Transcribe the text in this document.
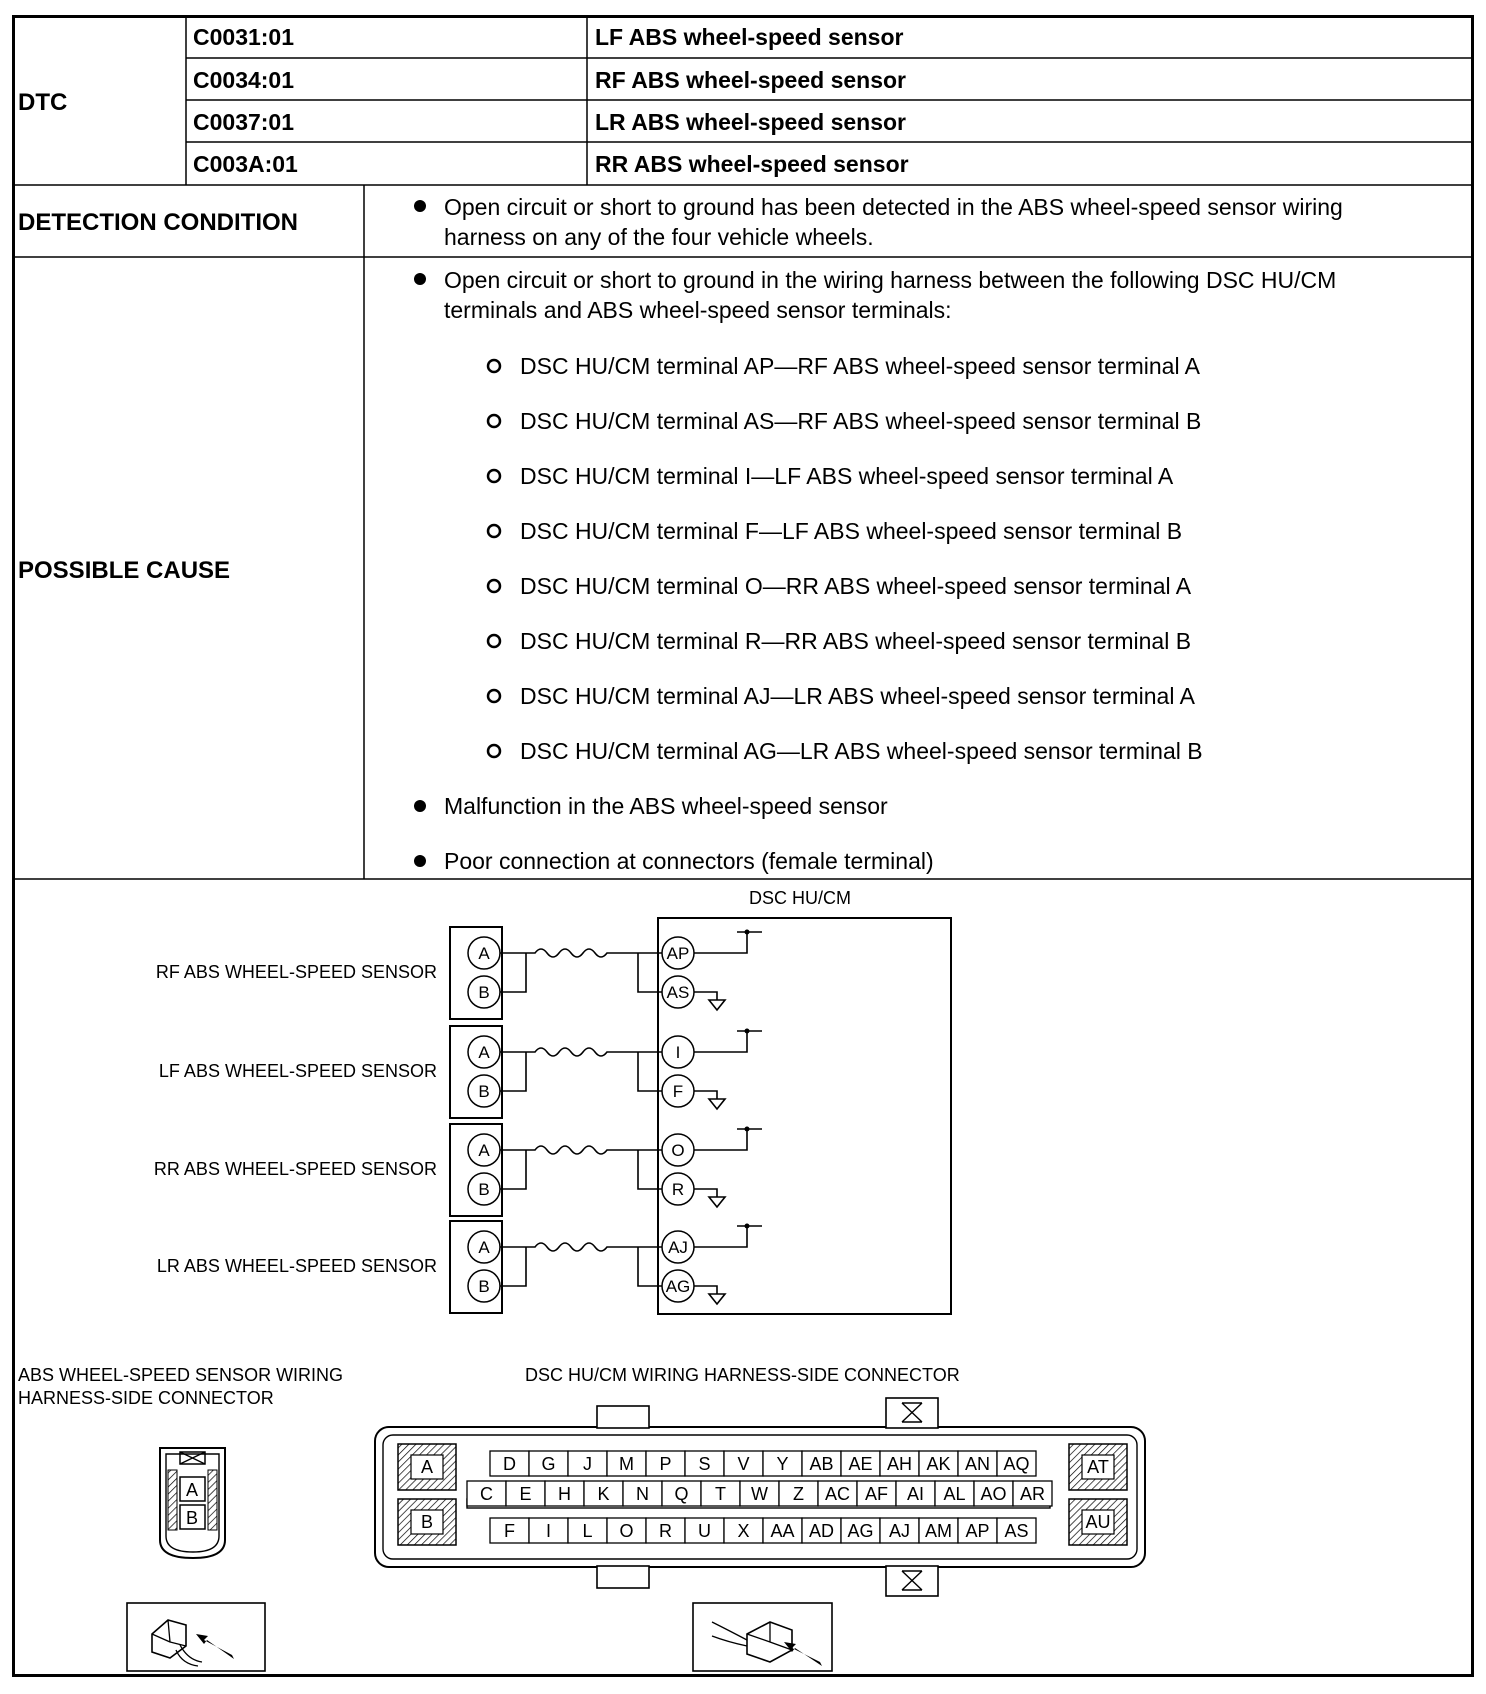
DTC
C0031:01	LF ABS wheel-speed sensor
C0034:01	RF ABS wheel-speed sensor
C0037:01	LR ABS wheel-speed sensor
C003A:01	RR ABS wheel-speed sensor
DETECTION CONDITION
Open circuit or short to ground has been detected in the ABS wheel-speed sensor wiring
harness on any of the four vehicle wheels.
POSSIBLE CAUSE
Open circuit or short to ground in the wiring harness between the following DSC HU/CM
terminals and ABS wheel-speed sensor terminals:
DSC HU/CM terminal AP—RF ABS wheel-speed sensor terminal A
DSC HU/CM terminal AS—RF ABS wheel-speed sensor terminal B
DSC HU/CM terminal I—LF ABS wheel-speed sensor terminal A
DSC HU/CM terminal F—LF ABS wheel-speed sensor terminal B
DSC HU/CM terminal O—RR ABS wheel-speed sensor terminal A
DSC HU/CM terminal R—RR ABS wheel-speed sensor terminal B
DSC HU/CM terminal AJ—LR ABS wheel-speed sensor terminal A
DSC HU/CM terminal AG—LR ABS wheel-speed sensor terminal B
Malfunction in the ABS wheel-speed sensor
Poor connection at connectors (female terminal)
DSC HU/CM
RF ABS WHEEL-SPEED SENSOR
A
B
AP
AS
LF ABS WHEEL-SPEED SENSOR
A
B
I
F
RR ABS WHEEL-SPEED SENSOR
A
B
O
R
LR ABS WHEEL-SPEED SENSOR
A
B
AJ
AG
ABS WHEEL-SPEED SENSOR WIRING
HARNESS-SIDE CONNECTOR
A
B
DSC HU/CM WIRING HARNESS-SIDE CONNECTOR
A
B
AT
AU
D G J M P S V Y AB AE AH AK AN AQ
C E H K N Q T W Z AC AF AI AL AO AR
F I L O R U X AA AD AG AJ AM AP AS
